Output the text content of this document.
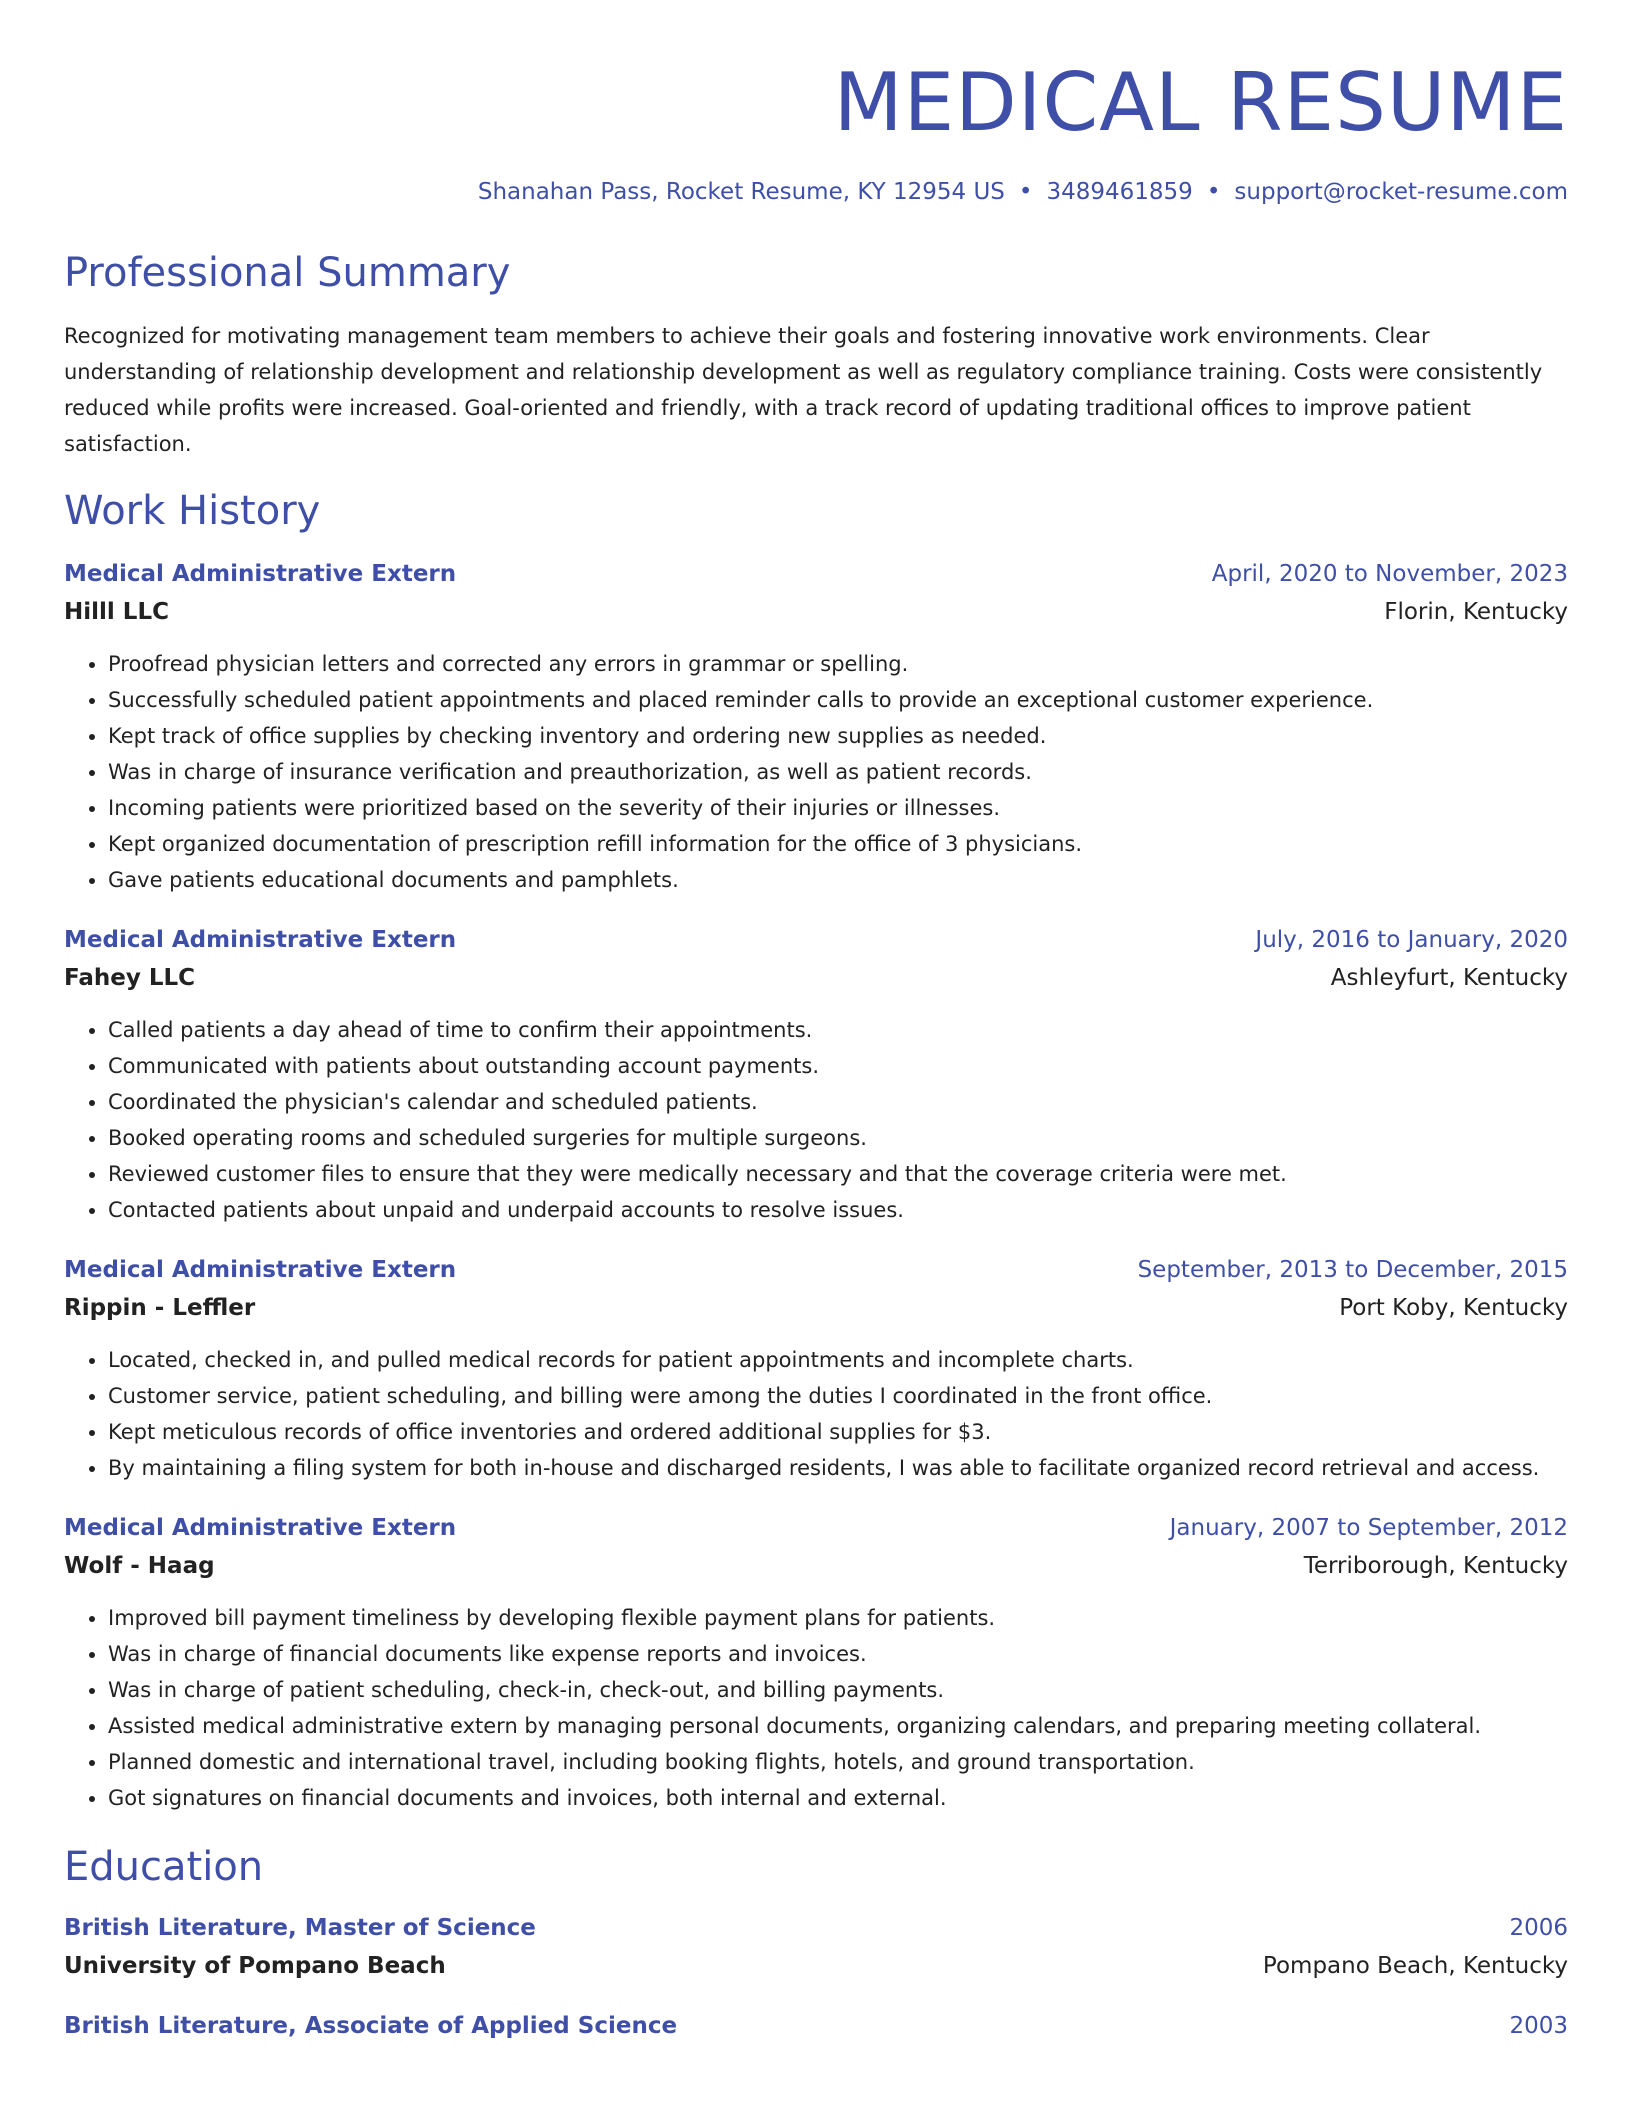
MEDICAL RESUME
Shanahan Pass, Rocket Resume, KY 12954 US • 3489461859 • support@rocket-resume.com
Professional Summary
Recognized for motivating management team members to achieve their goals and fostering innovative work environments. Clear understanding of relationship development and relationship development as well as regulatory compliance training. Costs were consistently reduced while profits were increased. Goal-oriented and friendly, with a track record of updating traditional offices to improve patient satisfaction.
Work History
Medical Administrative Extern	April, 2020 to November, 2023
Hilll LLC	Florin, Kentucky
• Proofread physician letters and corrected any errors in grammar or spelling.
• Successfully scheduled patient appointments and placed reminder calls to provide an exceptional customer experience.
• Kept track of office supplies by checking inventory and ordering new supplies as needed.
• Was in charge of insurance verification and preauthorization, as well as patient records.
• Incoming patients were prioritized based on the severity of their injuries or illnesses.
• Kept organized documentation of prescription refill information for the office of 3 physicians.
• Gave patients educational documents and pamphlets.
Medical Administrative Extern	July, 2016 to January, 2020
Fahey LLC	Ashleyfurt, Kentucky
• Called patients a day ahead of time to confirm their appointments.
• Communicated with patients about outstanding account payments.
• Coordinated the physician's calendar and scheduled patients.
• Booked operating rooms and scheduled surgeries for multiple surgeons.
• Reviewed customer files to ensure that they were medically necessary and that the coverage criteria were met.
• Contacted patients about unpaid and underpaid accounts to resolve issues.
Medical Administrative Extern	September, 2013 to December, 2015
Rippin - Leffler	Port Koby, Kentucky
• Located, checked in, and pulled medical records for patient appointments and incomplete charts.
• Customer service, patient scheduling, and billing were among the duties I coordinated in the front office.
• Kept meticulous records of office inventories and ordered additional supplies for $3.
• By maintaining a filing system for both in-house and discharged residents, I was able to facilitate organized record retrieval and access.
Medical Administrative Extern	January, 2007 to September, 2012
Wolf - Haag	Terriborough, Kentucky
• Improved bill payment timeliness by developing flexible payment plans for patients.
• Was in charge of financial documents like expense reports and invoices.
• Was in charge of patient scheduling, check-in, check-out, and billing payments.
• Assisted medical administrative extern by managing personal documents, organizing calendars, and preparing meeting collateral.
• Planned domestic and international travel, including booking flights, hotels, and ground transportation.
• Got signatures on financial documents and invoices, both internal and external.
Education
British Literature, Master of Science	2006
University of Pompano Beach	Pompano Beach, Kentucky
British Literature, Associate of Applied Science	2003
